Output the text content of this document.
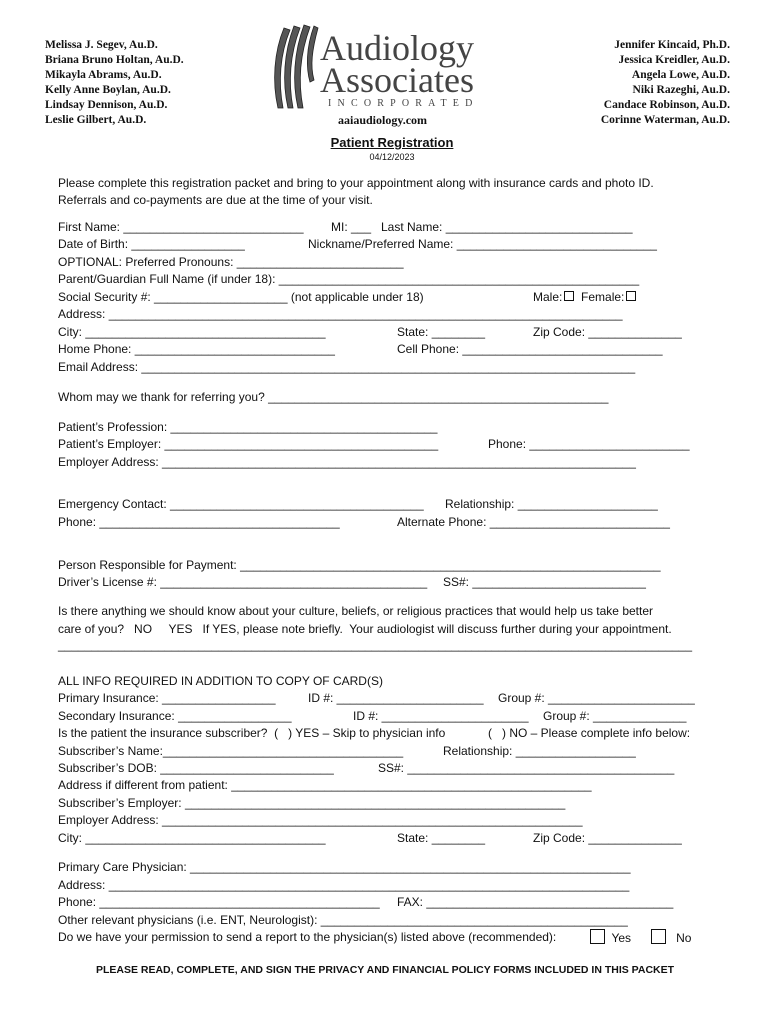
Melissa J. Segev, Au.D.
Briana Bruno Holtan, Au.D.
Mikayla Abrams, Au.D.
Kelly Anne Boylan, Au.D.
Lindsay Dennison, Au.D.
Leslie Gilbert, Au.D.
Audiology
Associates
INCORPORATED
aaiaudiology.com
Jennifer Kincaid, Ph.D.
Jessica Kreidler, Au.D.
Angela Lowe, Au.D.
Niki Razeghi, Au.D.
Candace Robinson, Au.D.
Corinne Waterman, Au.D.
Patient Registration
04/12/2023
Please complete this registration packet and bring to your appointment along with insurance cards and photo ID.
Referrals and co-payments are due at the time of your visit.
First Name: ___________________________ MI: ___ Last Name: ____________________________
Date of Birth: _________________	Nickname/Preferred Name: ______________________________
OPTIONAL: Preferred Pronouns: _________________________
Parent/Guardian Full Name (if under 18): ______________________________________________________
Social Security #: ____________________ (not applicable under 18)	Male: Female:
Address: _____________________________________________________________________________
City: ____________________________________	State: ________	Zip Code: ______________
Home Phone: ______________________________	Cell Phone: ______________________________
Email Address: __________________________________________________________________________
Whom may we thank for referring you? ___________________________________________________
Patient’s Profession: ________________________________________
Patient’s Employer: _________________________________________	Phone: ________________________
Employer Address: _______________________________________________________________________
Emergency Contact: ______________________________________ Relationship: _____________________
Phone: ____________________________________	Alternate Phone: ___________________________
Person Responsible for Payment: _______________________________________________________________
Driver’s License #: ________________________________________ SS#: __________________________
Is there anything we should know about your culture, beliefs, or religious practices that would help us take better
care of you?   NO     YES   If YES, please note briefly.  Your audiologist will discuss further during your appointment.
_______________________________________________________________________________________________
ALL INFO REQUIRED IN ADDITION TO COPY OF CARD(S)
Primary Insurance: _________________	ID #: ______________________ Group #: ______________________
Secondary Insurance: _________________	ID #: ______________________ Group #: ______________
Is the patient the insurance subscriber?  (   ) YES – Skip to physician info	(   ) NO – Please complete info below:
Subscriber’s Name:____________________________________	Relationship: __________________
Subscriber’s DOB: __________________________	SS#: ________________________________________
Address if different from patient: ______________________________________________________
Subscriber’s Employer: _________________________________________________________
Employer Address: _______________________________________________________________
City: ____________________________________	State: ________	Zip Code: ______________
Primary Care Physician: __________________________________________________________________
Address: ______________________________________________________________________________
Phone: __________________________________________ FAX: _____________________________________
Other relevant physicians (i.e. ENT, Neurologist): ______________________________________________
Do we have your permission to send a report to the physician(s) listed above (recommended):	Yes	No
PLEASE READ, COMPLETE, AND SIGN THE PRIVACY AND FINANCIAL POLICY FORMS INCLUDED IN THIS PACKET
